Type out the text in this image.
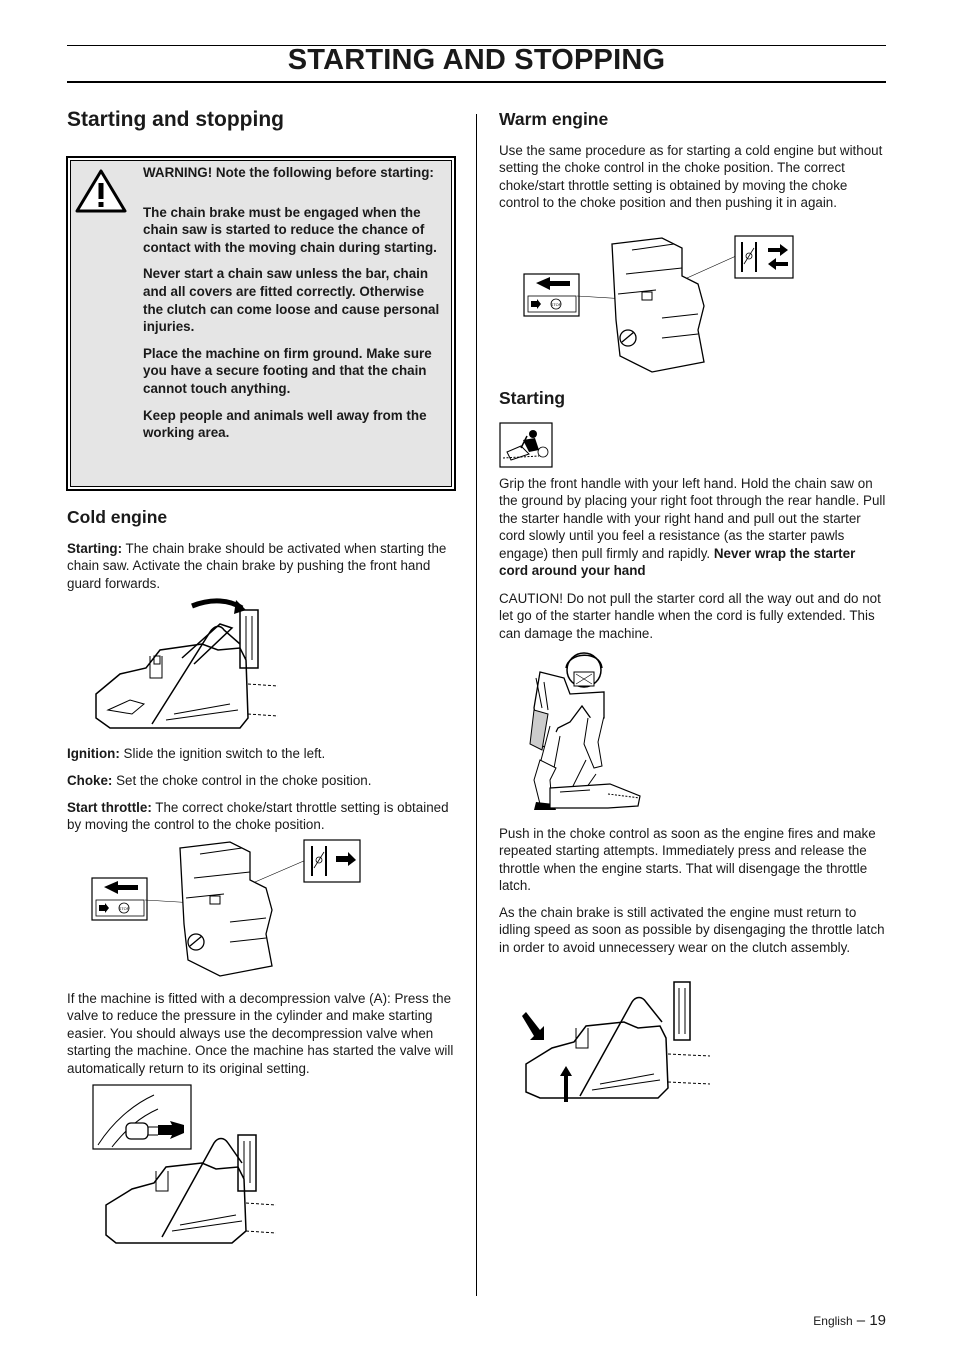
STARTING AND STOPPING
Starting and stopping

WARNING! Note the following before starting:

The chain brake must be engaged when the chain saw is started to reduce the chance of contact with the moving chain during starting.

Never start a chain saw unless the bar, chain and all covers are fitted correctly. Otherwise the clutch can come loose and cause personal injuries.

Place the machine on firm ground. Make sure you have a secure footing and that the chain cannot touch anything.

Keep people and animals well away from the working area.

Cold engine

Starting: The chain brake should be activated when starting the chain saw. Activate the chain brake by pushing the front hand guard forwards.

Ignition: Slide the ignition switch to the left.

Choke: Set the choke control in the choke position.

Start throttle: The correct choke/start throttle setting is obtained by moving the control to the choke position.

STOP

If the machine is fitted with a decompression valve (A): Press the valve to reduce the pressure in the cylinder and make starting easier. You should always use the decompression valve when starting the machine. Once the machine has started the valve will automatically return to its original setting.

Warm engine

Use the same procedure as for starting a cold engine but without setting the choke control in the choke position. The correct choke/start throttle setting is obtained by moving the choke control to the choke position and then pushing it in again.

STOP
Starting

Grip the front handle with your left hand. Hold the chain saw on the ground by placing your right foot through the rear handle. Pull the starter handle with your right hand and pull out the starter cord slowly until you feel a resistance (as the starter pawls engage) then pull firmly and rapidly. Never wrap the starter cord around your hand

CAUTION! Do not pull the starter cord all the way out and do not let go of the starter handle when the cord is fully extended. This can damage the machine.

Push in the choke control as soon as the engine fires and make repeated starting attempts. Immediately press and release the throttle when the engine starts. That will disengage the throttle latch.

As the chain brake is still activated the engine must return to idling speed as soon as possible by disengaging the throttle latch in order to avoid unnecessery wear on the clutch assembly.

English – 19
